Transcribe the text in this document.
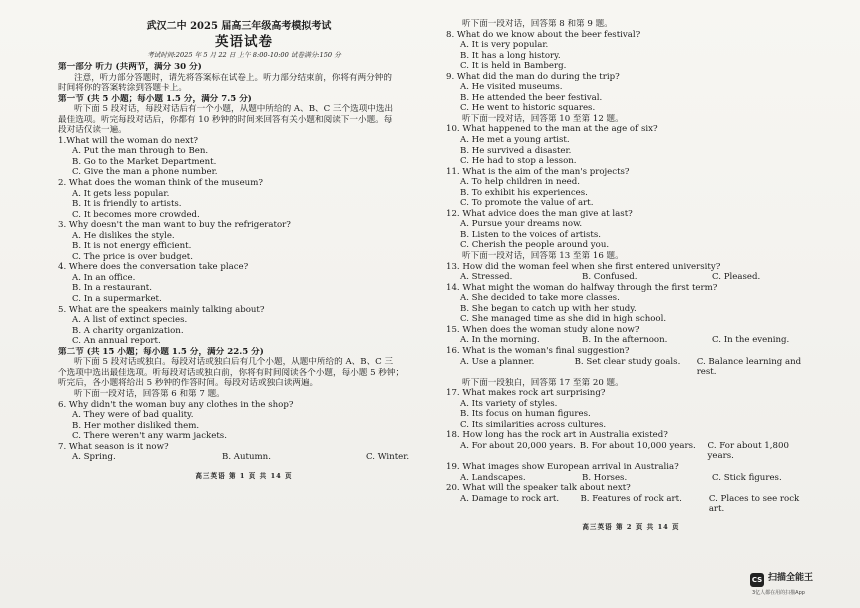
武汉二中 2025 届高三年级高考模拟考试
英语试卷
考试时间:2025 年 5 月 22 日 上午 8:00-10:00 试卷满分:150 分
第一部分 听力 (共两节，满分 30 分)
注意，听力部分答题时，请先将答案标在试卷上。听力部分结束前，你将有两分钟的
时间将你的答案转涂到答题卡上。
第一节 (共 5 小题；每小题 1.5 分，满分 7.5 分)
听下面 5 段对话，每段对话后有一个小题，从题中所给的 A、B、C 三个选项中选出
最佳选项。听完每段对话后，你都有 10 秒钟的时间来回答有关小题和阅读下一小题。每
段对话仅读一遍。
1.What will the woman do next?
A. Put the man through to Ben.
B. Go to the Market Department.
C. Give the man a phone number.
2. What does the woman think of the museum?
A. It gets less popular.
B. It is friendly to artists.
C. It becomes more crowded.
3. Why doesn't the man want to buy the refrigerator?
A. He dislikes the style.
B. It is not energy efficient.
C. The price is over budget.
4. Where does the conversation take place?
A. In an office.
B. In a restaurant.
C. In a supermarket.
5. What are the speakers mainly talking about?
A. A list of extinct species.
B. A charity organization.
C. An annual report.
第二节 (共 15 小题；每小题 1.5 分，满分 22.5 分)
听下面 5 段对话或独白。每段对话或独白后有几个小题，从题中所给的 A、B、C 三
个选项中选出最佳选项。听每段对话或独白前，你将有时间阅读各个小题，每小题 5 秒钟；
听完后，各小题将给出 5 秒钟的作答时间。每段对话或独白读两遍。
听下面一段对话，回答第 6 和第 7 题。
6. Why didn't the woman buy any clothes in the shop?
A. They were of bad quality.
B. Her mother disliked them.
C. There weren't any warm jackets.
7. What season is it now?
A. Spring.	B. Autumn.	C. Winter.
高三英语 第 1 页 共 14 页
听下面一段对话，回答第 8 和第 9 题。
8. What do we know about the beer festival?
A. It is very popular.
B. It has a long history.
C. It is held in Bamberg.
9. What did the man do during the trip?
A. He visited museums.
B. He attended the beer festival.
C. He went to historic squares.
听下面一段对话，回答第 10 至第 12 题。
10. What happened to the man at the age of six?
A. He met a young artist.
B. He survived a disaster.
C. He had to stop a lesson.
11. What is the aim of the man's projects?
A. To help children in need.
B. To exhibit his experiences.
C. To promote the value of art.
12. What advice does the man give at last?
A. Pursue your dreams now.
B. Listen to the voices of artists.
C. Cherish the people around you.
听下面一段对话，回答第 13 至第 16 题。
13. How did the woman feel when she first entered university?
A. Stressed.	B. Confused.	C. Pleased.
14. What might the woman do halfway through the first term?
A. She decided to take more classes.
B. She began to catch up with her study.
C. She managed time as she did in high school.
15. When does the woman study alone now?
A. In the morning.	B. In the afternoon.	C. In the evening.
16. What is the woman's final suggestion?
A. Use a planner.	B. Set clear study goals.	C. Balance learning and rest.
听下面一段独白，回答第 17 至第 20 题。
17. What makes rock art surprising?
A. Its variety of styles.
B. Its focus on human figures.
C. Its similarities across cultures.
18. How long has the rock art in Australia existed?
A. For about 20,000 years. B. For about 10,000 years.	C. For about 1,800 years.
19. What images show European arrival in Australia?
A. Landscapes.	B. Horses.	C. Stick figures.
20. What will the speaker talk about next?
A. Damage to rock art.	B. Features of rock art.	C. Places to see rock art.
高三英语 第 2 页 共 14 页
CS 扫描全能王
3亿人都在用的扫描App
